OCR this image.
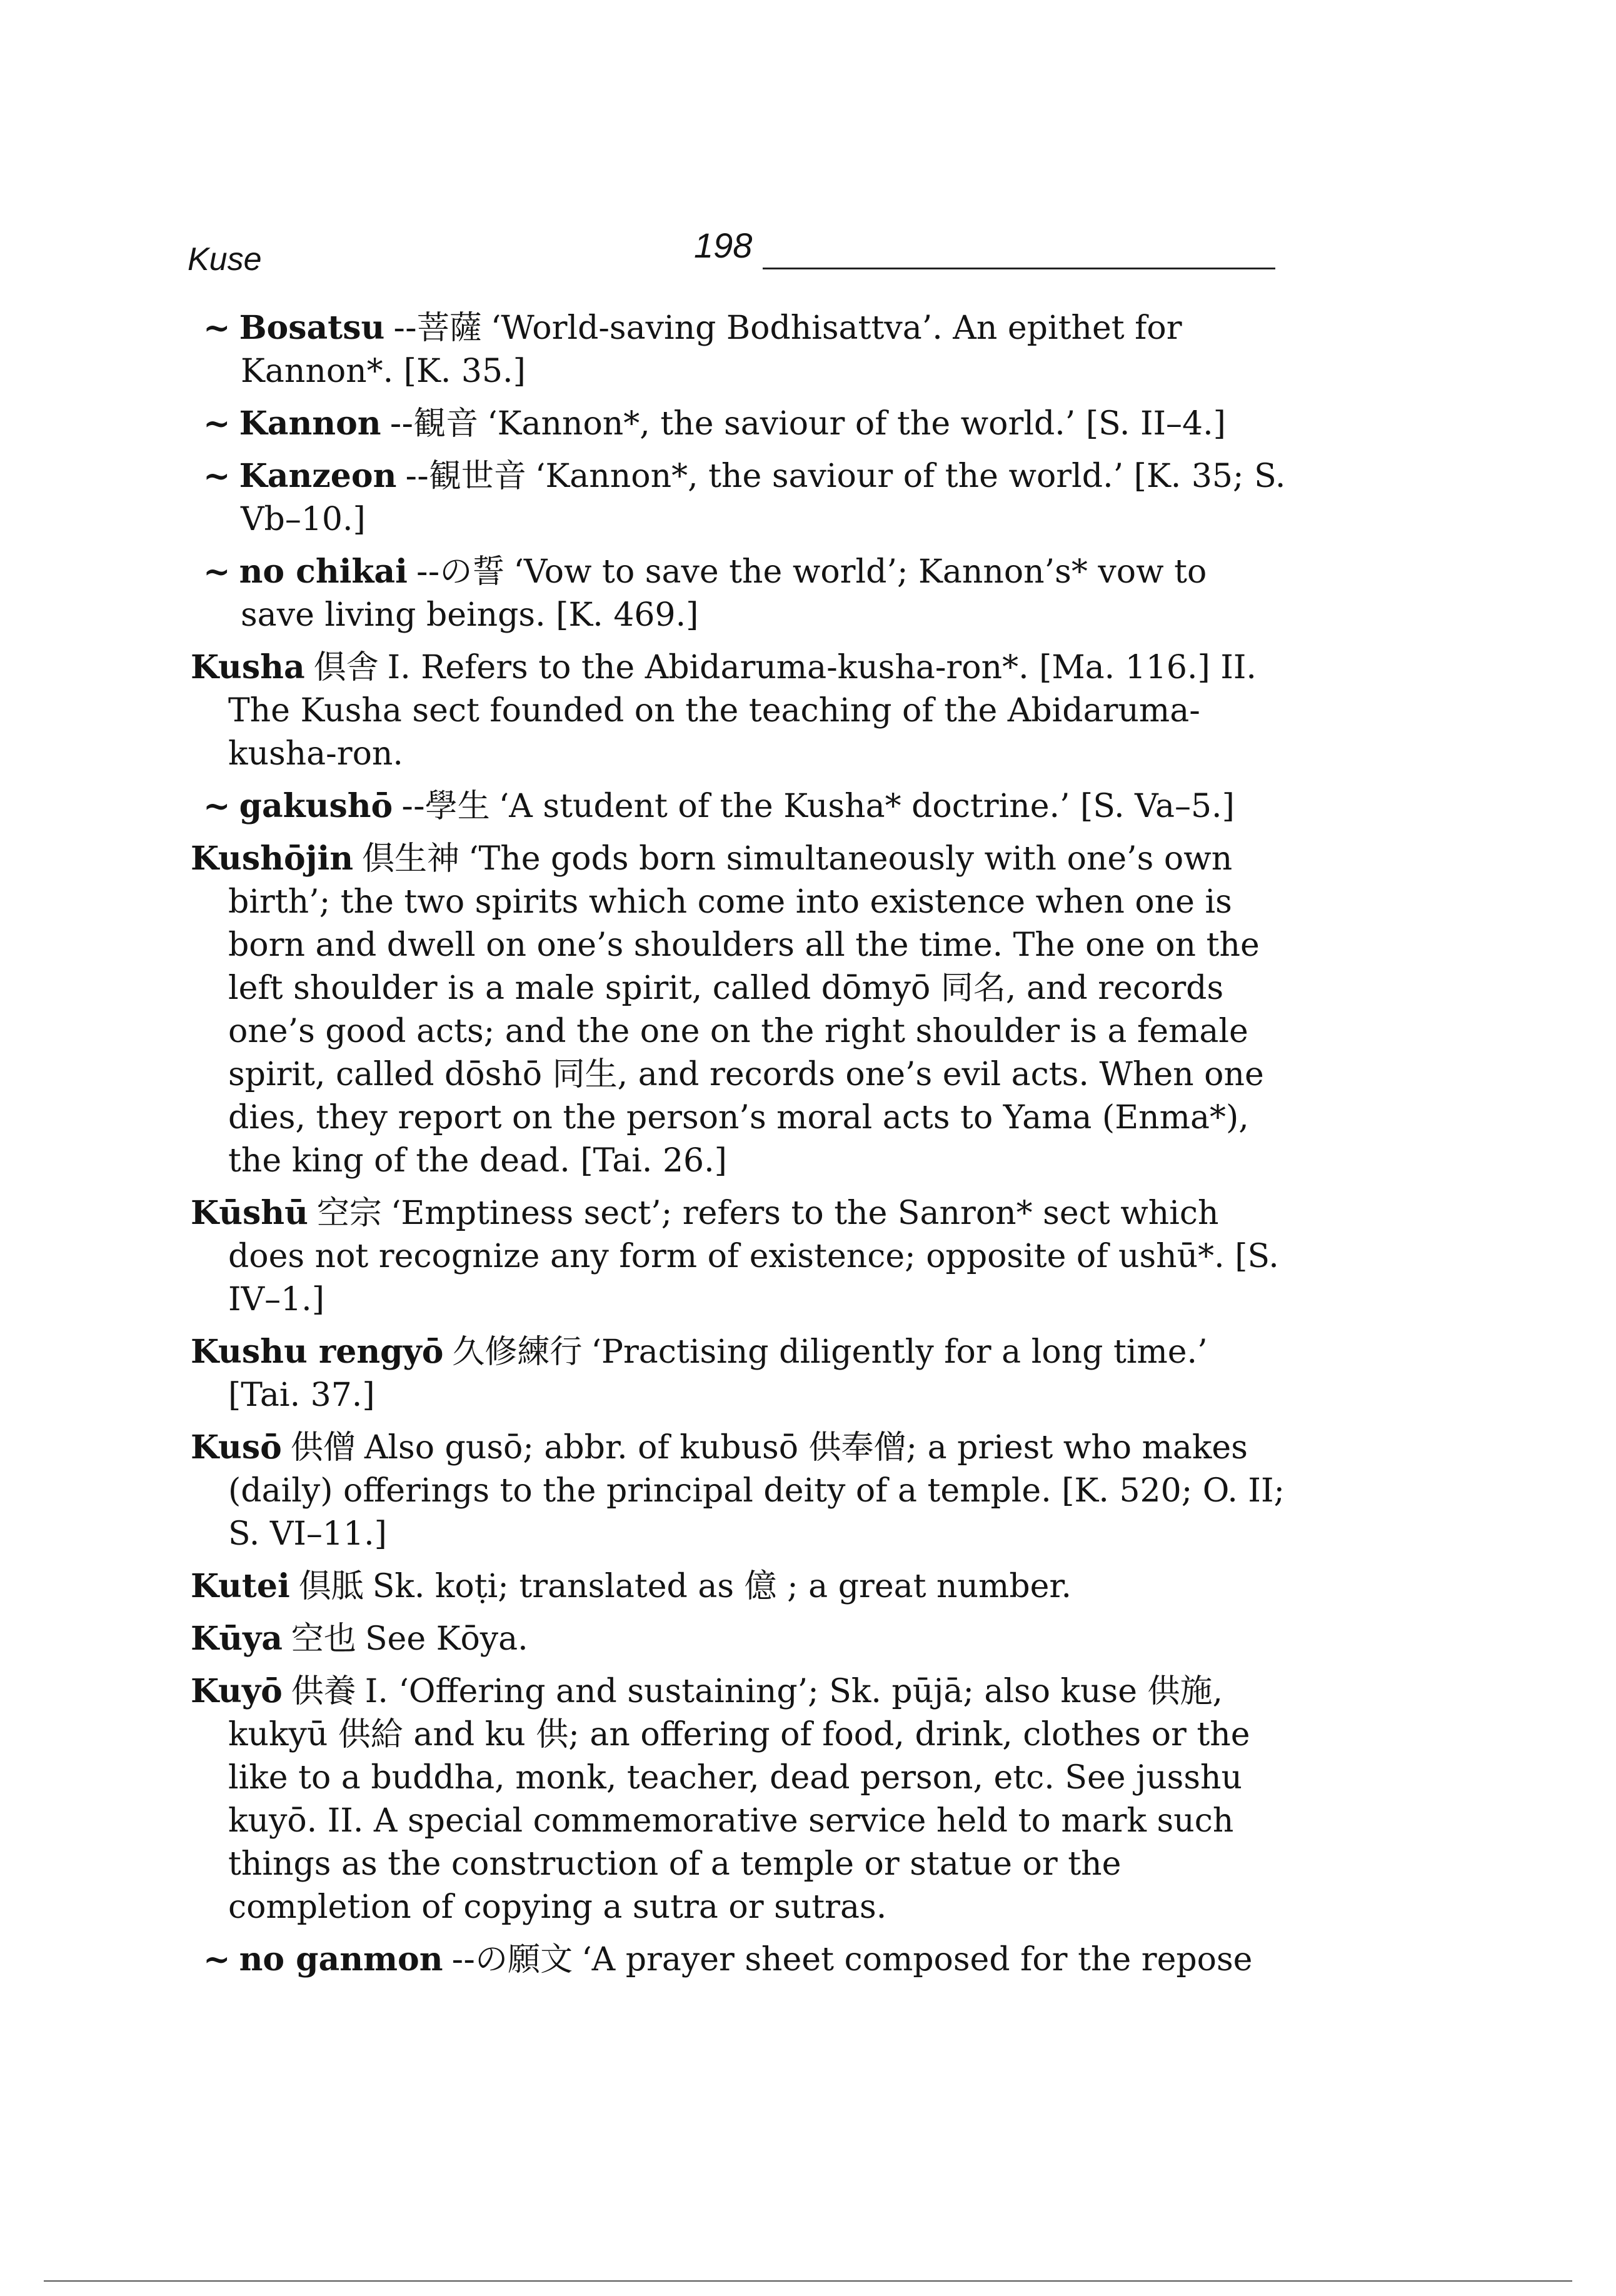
Kuse	198
~ Bosatsu --菩薩 ‘World-saving Bodhisattva’. An epithet for Kannon*. [K. 35.]
~ Kannon --観音 ‘Kannon*, the saviour of the world.’ [S. II–4.]
~ Kanzeon --観世音 ‘Kannon*, the saviour of the world.’ [K. 35; S. Vb–10.]
~ no chikai --の誓 ‘Vow to save the world’; Kannon’s* vow to save living beings. [K. 469.]
Kusha 倶舎 I. Refers to the Abidaruma-kusha-ron*. [Ma. 116.] II. The Kusha sect founded on the teaching of the Abidaruma-kusha-ron.
~ gakushō --學生 ‘A student of the Kusha* doctrine.’ [S. Va–5.]
Kushōjin 倶生神 ‘The gods born simultaneously with one’s own birth’; the two spirits which come into existence when one is born and dwell on one’s shoulders all the time. The one on the left shoulder is a male spirit, called dōmyō 同名, and records one’s good acts; and the one on the right shoulder is a female spirit, called dōshō 同生, and records one’s evil acts. When one dies, they report on the person’s moral acts to Yama (Enma*), the king of the dead. [Tai. 26.]
Kūshū 空宗 ‘Emptiness sect’; refers to the Sanron* sect which does not recognize any form of existence; opposite of ushū*. [S. IV–1.]
Kushu rengyō 久修練行 ‘Practising diligently for a long time.’ [Tai. 37.]
Kusō 供僧 Also gusō; abbr. of kubusō 供奉僧; a priest who makes (daily) offerings to the principal deity of a temple. [K. 520; O. II; S. VI–11.]
Kutei 倶胝 Sk. koṭi; translated as 億 ; a great number.
Kūya 空也 See Kōya.
Kuyō 供養 I. ‘Offering and sustaining’; Sk. pūjā; also kuse 供施, kukyū 供給 and ku 供; an offering of food, drink, clothes or the like to a buddha, monk, teacher, dead person, etc. See jusshu kuyō. II. A special commemorative service held to mark such things as the construction of a temple or statue or the completion of copying a sutra or sutras.
~ no ganmon --の願文 ‘A prayer sheet composed for the repose
